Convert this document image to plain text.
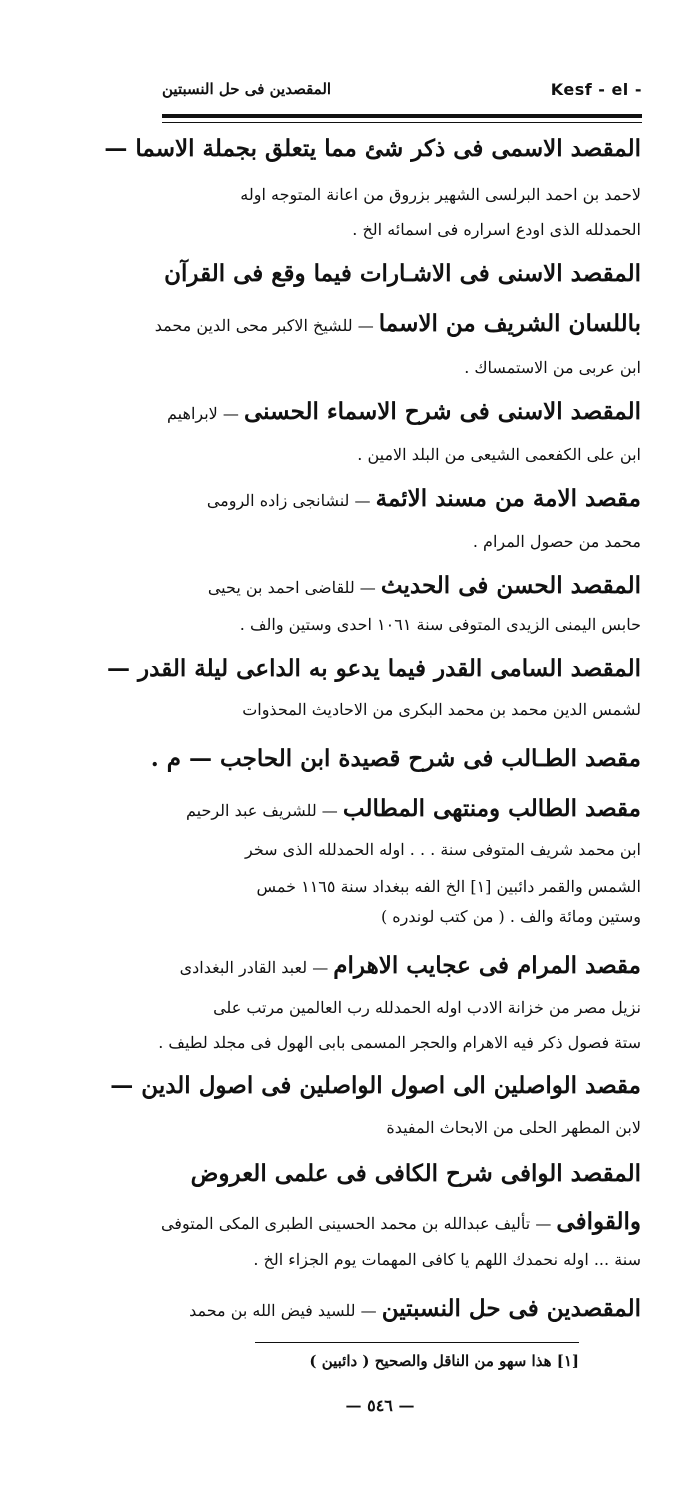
المقصدين فى حل النسبتين	Kesf - el -
المقصد الاسمى فى ذكر شئ مما يتعلق بجملة الاسما —
لاحمد بن احمد البرلسى الشهير بزروق من اعانة المتوجه اوله
الحمدلله الذى اودع اسراره فى اسمائه الخ .
المقصد الاسنى فى الاشـارات فيما وقع فى القرآن
باللسان الشريف من الاسما — للشيخ الاكبر محى الدين محمد
ابن عربى من الاستمساك .
المقصد الاسنى فى شرح الاسماء الحسنى — لابراهيم
ابن على الكفعمى الشيعى من البلد الامين .
مقصد الامة من مسند الائمة — لنشانجى زاده الرومى
محمد من حصول المرام .
المقصد الحسن فى الحديث — للقاضى احمد بن يحيى
حابس اليمنى الزيدى المتوفى سنة ١٠٦١ احدى وستين والف .
المقصد السامى القدر فيما يدعو به الداعى ليلة القدر —
لشمس الدين محمد بن محمد البكرى من الاحاديث المحذوات
مقصد الطـالب فى شرح قصيدة ابن الحاجب — م .
مقصد الطالب ومنتهى المطالب — للشريف عبد الرحيم
ابن محمد شريف المتوفى سنة . . . اوله الحمدلله الذى سخر
الشمس والقمر دائبين [١] الخ الفه ببغداد سنة ١١٦٥ خمس
وستين ومائة والف . ( من كتب لوندره )
مقصد المرام فى عجايب الاهرام — لعبد القادر البغدادى
نزيل مصر من خزانة الادب اوله الحمدلله رب العالمين مرتب على
ستة فصول ذكر فيه الاهرام والحجر المسمى بابى الهول فى مجلد لطيف .
مقصد الواصلين الى اصول الواصلين فى اصول الدين —
لابن المطهر الحلى من الابحاث المفيدة
المقصد الوافى شرح الكافى فى علمى العروض
والقوافى — تأليف عبدالله بن محمد الحسينى الطبرى المكى المتوفى
سنة ... اوله نحمدك اللهم يا كافى المهمات يوم الجزاء الخ .
المقصدين فى حل النسبتين — للسيد فيض الله بن محمد
[١] هذا سهو من الناقل والصحيح ( دائبين )
— ٥٤٦ —
